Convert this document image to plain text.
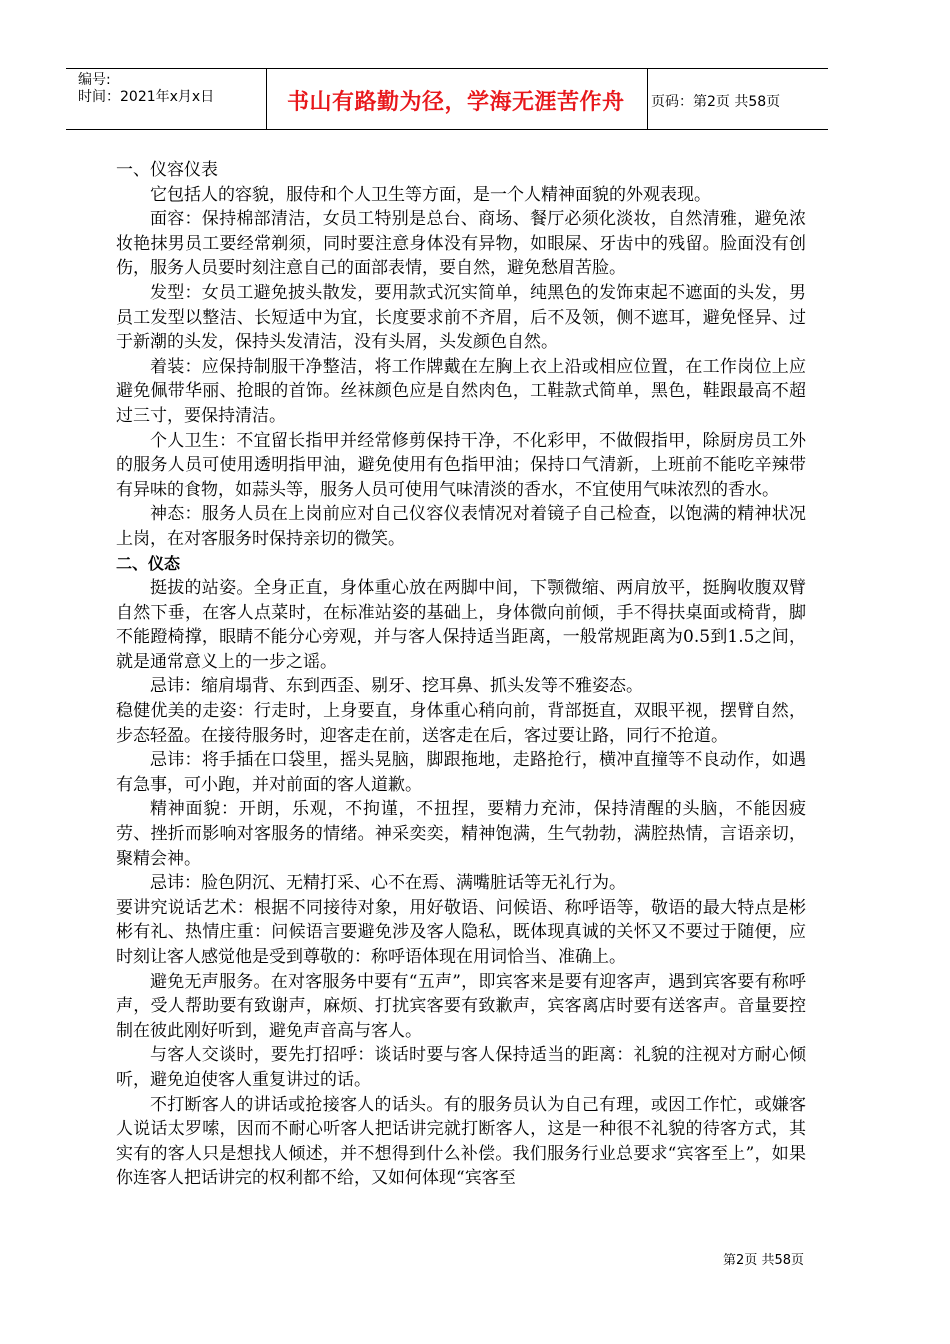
编号:
时间：2021年x月x日	书山有路勤为径，学海无涯苦作舟 页码：第2页 共58页

一、仪容仪表

它包括人的容貌，服侍和个人卫生等方面，是一个人精神面貌的外观表现。

面容：保持棉部清洁，女员工特别是总台、商场、餐厅必须化淡妆，自然清雅，避免浓妆艳抹男员工要经常剃须，同时要注意身体没有异物，如眼屎、牙齿中的残留。脸面没有创伤，服务人员要时刻注意自己的面部表情，要自然，避免愁眉苦脸。

发型：女员工避免披头散发，要用款式沉实简单，纯黑色的发饰束起不遮面的头发，男员工发型以整洁、长短适中为宜，长度要求前不齐眉，后不及领，侧不遮耳，避免怪异、过于新潮的头发，保持头发清洁，没有头屑，头发颜色自然。

着装：应保持制服干净整洁，将工作牌戴在左胸上衣上沿或相应位置，在工作岗位上应避免佩带华丽、抢眼的首饰。丝袜颜色应是自然肉色，工鞋款式简单，黑色，鞋跟最高不超过三寸，要保持清洁。

个人卫生：不宜留长指甲并经常修剪保持干净，不化彩甲，不做假指甲，除厨房员工外的服务人员可使用透明指甲油，避免使用有色指甲油；保持口气清新，上班前不能吃辛辣带有异味的食物，如蒜头等，服务人员可使用气味清淡的香水，不宜使用气味浓烈的香水。

神态：服务人员在上岗前应对自己仪容仪表情况对着镜子自己检查，以饱满的精神状况上岗，在对客服务时保持亲切的微笑。

二、仪态

挺拔的站姿。全身正直，身体重心放在两脚中间，下颚微缩、两肩放平，挺胸收腹双臂自然下垂，在客人点菜时，在标准站姿的基础上，身体微向前倾，手不得扶桌面或椅背，脚不能蹬椅撑，眼睛不能分心旁观，并与客人保持适当距离，一般常规距离为0.5到1.5之间，就是通常意义上的一步之谣。

忌讳：缩肩塌背、东到西歪、剔牙、挖耳鼻、抓头发等不雅姿态。

稳健优美的走姿：行走时，上身要直，身体重心稍向前，背部挺直，双眼平视，摆臂自然，步态轻盈。在接待服务时，迎客走在前，送客走在后，客过要让路，同行不抢道。

忌讳：将手插在口袋里，摇头晃脑，脚跟拖地，走路抢行，横冲直撞等不良动作，如遇有急事，可小跑，并对前面的客人道歉。

精神面貌：开朗，乐观，不拘谨，不扭捏，要精力充沛，保持清醒的头脑，不能因疲劳、挫折而影响对客服务的情绪。神采奕奕，精神饱满，生气勃勃，满腔热情，言语亲切，聚精会神。

忌讳：脸色阴沉、无精打采、心不在焉、满嘴脏话等无礼行为。

要讲究说话艺术：根据不同接待对象，用好敬语、问候语、称呼语等，敬语的最大特点是彬彬有礼、热情庄重：问候语言要避免涉及客人隐私，既体现真诚的关怀又不要过于随便，应时刻让客人感觉他是受到尊敬的：称呼语体现在用词恰当、准确上。

避免无声服务。在对客服务中要有“五声”，即宾客来是要有迎客声，遇到宾客要有称呼声，受人帮助要有致谢声，麻烦、打扰宾客要有致歉声，宾客离店时要有送客声。音量要控制在彼此刚好听到，避免声音高与客人。

与客人交谈时，要先打招呼：谈话时要与客人保持适当的距离：礼貌的注视对方耐心倾听，避免迫使客人重复讲过的话。

不打断客人的讲话或抢接客人的话头。有的服务员认为自己有理，或因工作忙，或嫌客人说话太罗嗦，因而不耐心听客人把话讲完就打断客人，这是一种很不礼貌的待客方式，其实有的客人只是想找人倾述，并不想得到什么补偿。我们服务行业总要求“宾客至上”，如果你连客人把话讲完的权利都不给，又如何体现“宾客至

第2页 共58页
